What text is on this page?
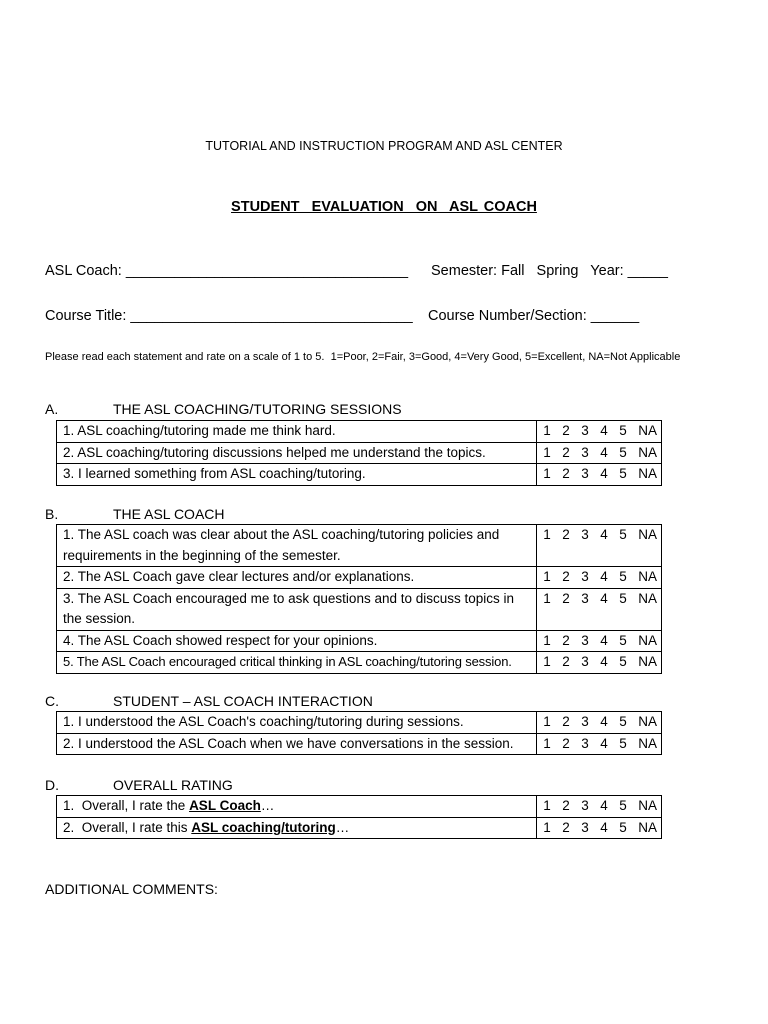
TUTORIAL AND INSTRUCTION PROGRAM AND ASL CENTER
STUDENT  EVALUATION  ON  ASL COACH
ASL Coach: ___________________________________ Semester: Fall   Spring   Year: _____
Course Title: ___________________________________ Course Number/Section: ______
Please read each statement and rate on a scale of 1 to 5.  1=Poor, 2=Fair, 3=Good, 4=Very Good, 5=Excellent, NA=Not Applicable
A.	THE ASL COACHING/TUTORING SESSIONS
1. ASL coaching/tutoring made me think hard.	1  2  3  4  5  NA
2. ASL coaching/tutoring discussions helped me understand the topics.	1  2  3  4  5  NA
3. I learned something from ASL coaching/tutoring.	1  2  3  4  5  NA
B.	THE ASL COACH
1. The ASL coach was clear about the ASL coaching/tutoring policies and requirements in the beginning of the semester.	1  2  3  4  5  NA
2. The ASL Coach gave clear lectures and/or explanations.	1  2  3  4  5  NA
3. The ASL Coach encouraged me to ask questions and to discuss topics in the session.	1  2  3  4  5  NA
4. The ASL Coach showed respect for your opinions.	1  2  3  4  5  NA
5. The ASL Coach encouraged critical thinking in ASL coaching/tutoring session.	1  2  3  4  5  NA
C.	STUDENT – ASL COACH INTERACTION
1. I understood the ASL Coach's coaching/tutoring during sessions.	1  2  3  4  5  NA
2. I understood the ASL Coach when we have conversations in the session.	1  2  3  4  5  NA
D.	OVERALL RATING
1.  Overall, I rate the ASL Coach…	1  2  3  4  5  NA
2.  Overall, I rate this ASL coaching/tutoring…	1  2  3  4  5  NA
ADDITIONAL COMMENTS:
